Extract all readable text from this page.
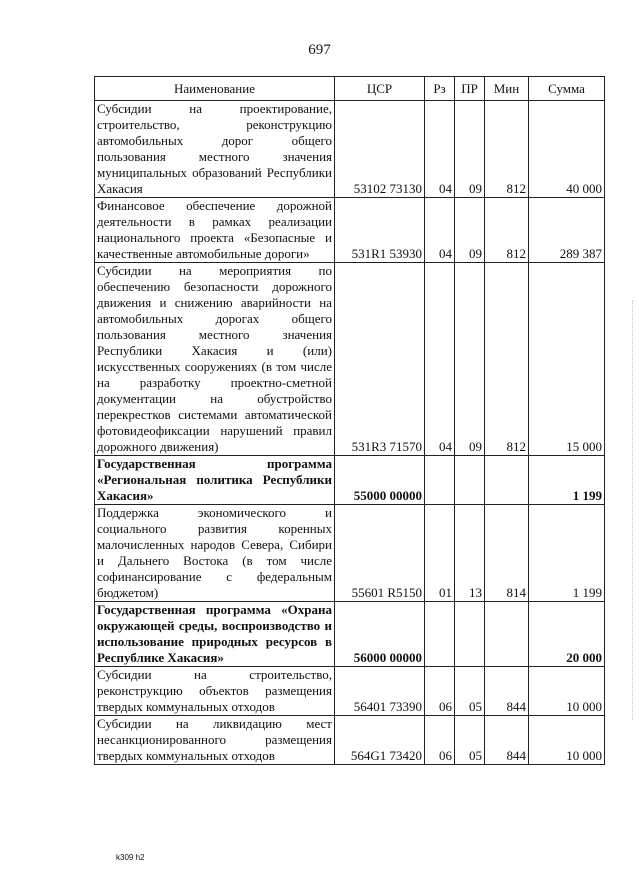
697
Наименование	ЦСР	Рз	ПР	Мин	Сумма
Субсидии на проектирование, строительство, реконструкцию автомобильных дорог общего пользования местного значения муниципальных образований Республики Хакасия	53102 73130	04	09	812	40 000
Финансовое обеспечение дорожной деятельности в рамках реализации национального проекта «Безопасные и качественные автомобильные дороги»	531R1 53930	04	09	812	289 387
Субсидии на мероприятия по обеспечению безопасности дорожного движения и снижению аварийности на автомобильных дорогах общего пользования местного значения Республики Хакасия и (или) искусственных сооружениях (в том числе на разработку проектно-сметной документации на обустройство перекрестков системами автоматической фотовидеофиксации нарушений правил дорожного движения)	531R3 71570	04	09	812	15 000
Государственная программа «Региональная политика Республики Хакасия»	55000 00000				1 199
Поддержка экономического и социального развития коренных малочисленных народов Севера, Сибири и Дальнего Востока (в том числе софинансирование с федеральным бюджетом)	55601 R5150	01	13	814	1 199
Государственная программа «Охрана окружающей среды, воспроизводство и использование природных ресурсов в Республике Хакасия»	56000 00000				20 000
Субсидии на строительство, реконструкцию объектов размещения твердых коммунальных отходов	56401 73390	06	05	844	10 000
Субсидии на ликвидацию мест несанкционированного размещения твердых коммунальных отходов	564G1 73420	06	05	844	10 000
k309 h2
